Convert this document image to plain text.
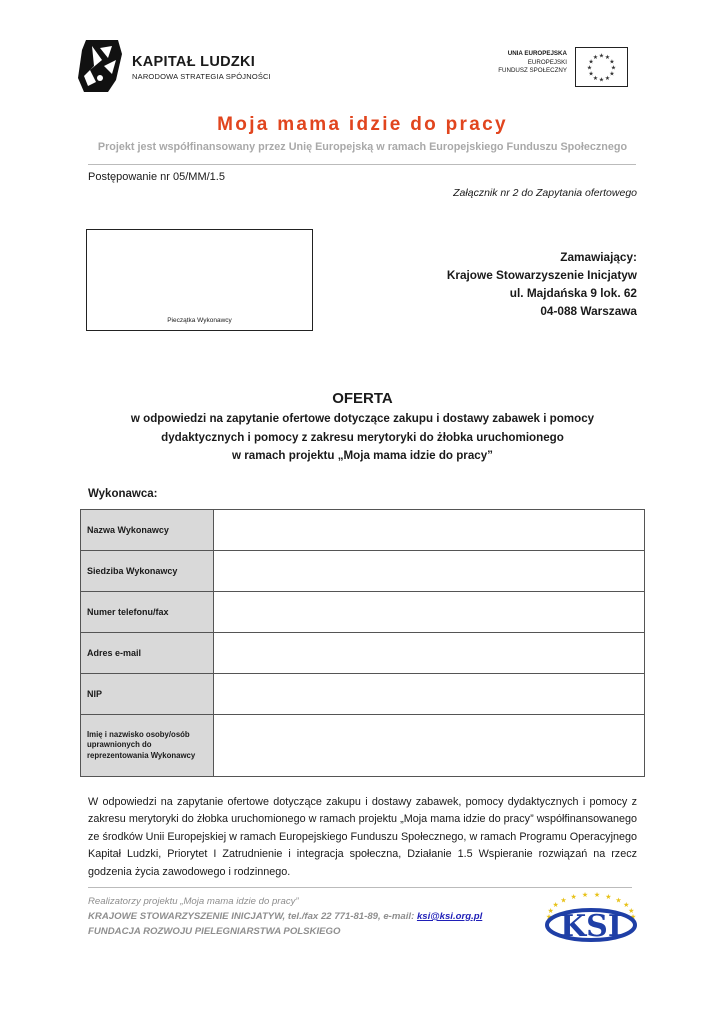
KAPITAŁ LUDZKI
NARODOWA STRATEGIA SPÓJNOŚCI
UNIA EUROPEJSKA
EUROPEJSKI
FUNDUSZ SPOŁECZNY	★
★
★
★
★
★
★
★
★ ★ ★
★
Moja mama idzie do pracy
Projekt jest współfinansowany przez Unię Europejską w ramach Europejskiego Funduszu Społecznego
Postępowanie nr 05/MM/1.5
Załącznik nr 2 do Zapytania ofertowego
Pieczątka Wykonawcy
Zamawiający:
Krajowe Stowarzyszenie Inicjatyw
ul. Majdańska 9 lok. 62
04-088 Warszawa
OFERTA
w odpowiedzi na zapytanie ofertowe dotyczące zakupu i dostawy zabawek i pomocy
dydaktycznych i pomocy z zakresu merytoryki do żłobka uruchomionego
w ramach projektu „Moja mama idzie do pracy”
Wykonawca:
Nazwa Wykonawcy	
Siedziba Wykonawcy	
Numer telefonu/fax	
Adres e-mail	
NIP	
Imię i nazwisko osoby/osób uprawnionych do reprezentowania Wykonawcy	
W odpowiedzi na zapytanie ofertowe dotyczące zakupu i dostawy zabawek, pomocy dydaktycznych i pomocy z zakresu merytoryki do żłobka uruchomionego w ramach projektu „Moja mama idzie do pracy” współfinansowanego ze środków Unii Europejskiej w ramach Europejskiego Funduszu Społecznego, w ramach Programu Operacyjnego Kapitał Ludzki, Priorytet I Zatrudnienie i integracja społeczna, Działanie 1.5 Wspieranie rozwiązań na rzecz godzenia życia zawodowego i rodzinnego.
Realizatorzy projektu „Moja mama idzie do pracy”
KRAJOWE STOWARZYSZENIE INICJATYW, tel./fax 22 771-81-89, e-mail: ksi@ksi.org.pl
FUNDACJA ROZWOJU PIELEGNIARSTWA POLSKIEGO
★
★
★
★ ★ ★ ★ ★ ★
★
★
★
KSI
